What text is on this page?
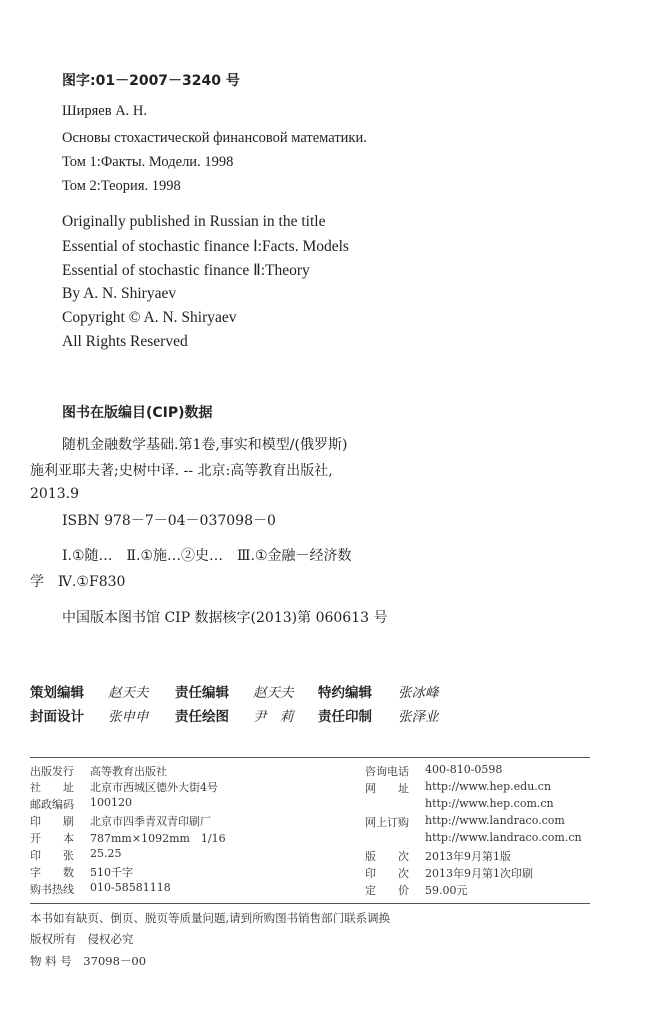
图字:01－2007－3240 号
Ширяев А. Н.
Основы стохастической финансовой математики.
Том 1:Факты. Модели. 1998
Том 2:Теория. 1998
Originally published in Russian in the title
Essential of stochastic finance Ⅰ:Facts. Models
Essential of stochastic finance Ⅱ:Theory
By A. N. Shiryaev
Copyright © A. N. Shiryaev
All Rights Reserved
图书在版编目(CIP)数据
随机金融数学基础.第1卷,事实和模型/(俄罗斯)
施利亚耶夫著;史树中译. -- 北京:高等教育出版社,
2013.9
ISBN 978－7－04－037098－0
Ⅰ.①随…　Ⅱ.①施…②史…　Ⅲ.①金融－经济数
学　Ⅳ.①F830
中国版本图书馆 CIP 数据核字(2013)第 060613 号
策划编辑 赵天夫 责任编辑 赵天夫 特约编辑 张冰峰
封面设计 张申申 责任绘图 尹　莉 责任印制 张泽业
出版发行 高等教育出版社
社　　址 北京市西城区德外大街4号
邮政编码 100120
印　　刷 北京市四季青双青印刷厂
开　　本 787mm×1092mm　1/16
印　　张 25.25
字　　数 510千字
购书热线 010-58581118
咨询电话 400-810-0598
网　　址 http://www.hep.edu.cn
http://www.hep.com.cn
网上订购 http://www.landraco.com
http://www.landraco.com.cn
版　　次 2013年9月第1版
印　　次 2013年9月第1次印刷
定　　价 59.00元
本书如有缺页、倒页、脱页等质量问题,请到所购图书销售部门联系调换
版权所有　侵权必究
物 料 号　37098－00
